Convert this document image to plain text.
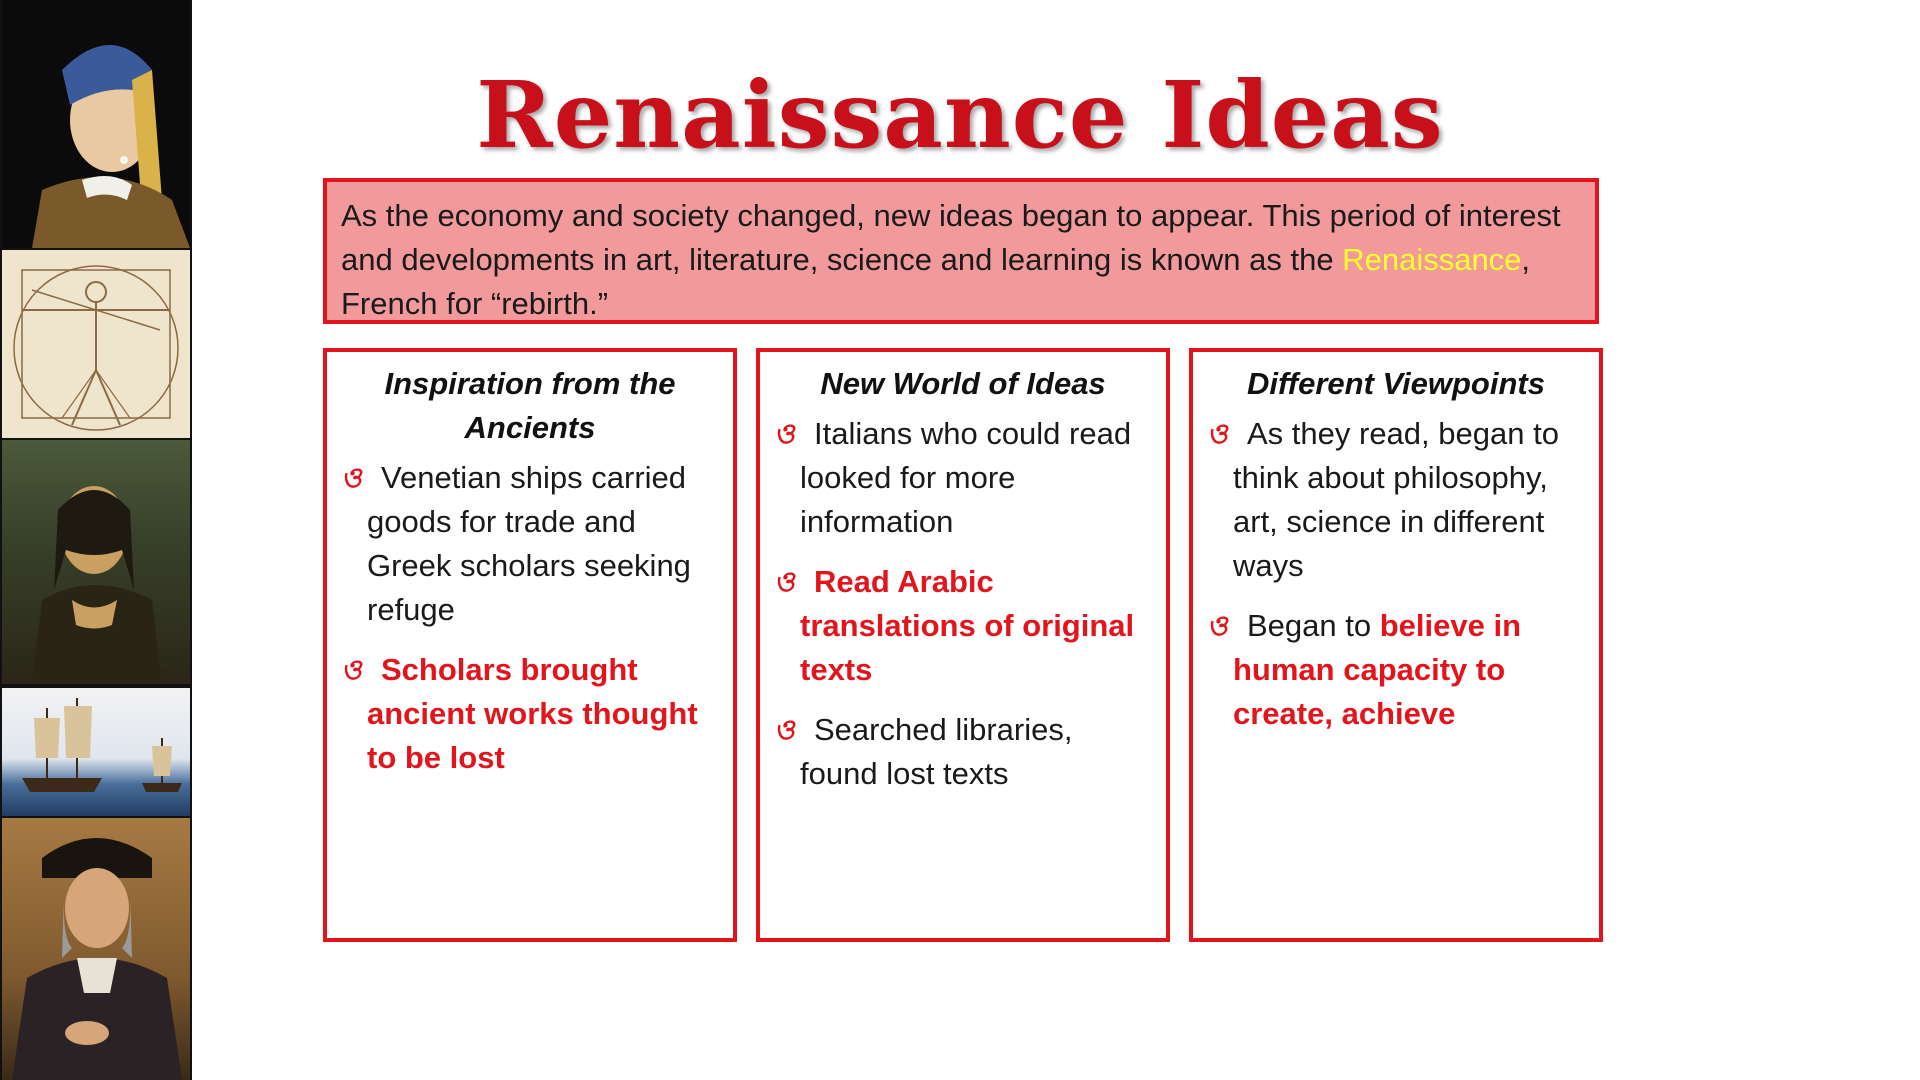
Renaissance Ideas
As the economy and society changed, new ideas began to appear. This period of interest and developments in art, literature, science and learning is known as the Renaissance, French for “rebirth.”
Inspiration from the Ancients
ও Venetian ships carried goods for trade and Greek scholars seeking refuge
ও Scholars brought ancient works thought to be lost
New World of Ideas
ও Italians who could read looked for more information
ও Read Arabic translations of original texts
ও Searched libraries, found lost texts
Different Viewpoints
ও As they read, began to think about philosophy, art, science in different ways
ও Began to believe in human capacity to create, achieve
